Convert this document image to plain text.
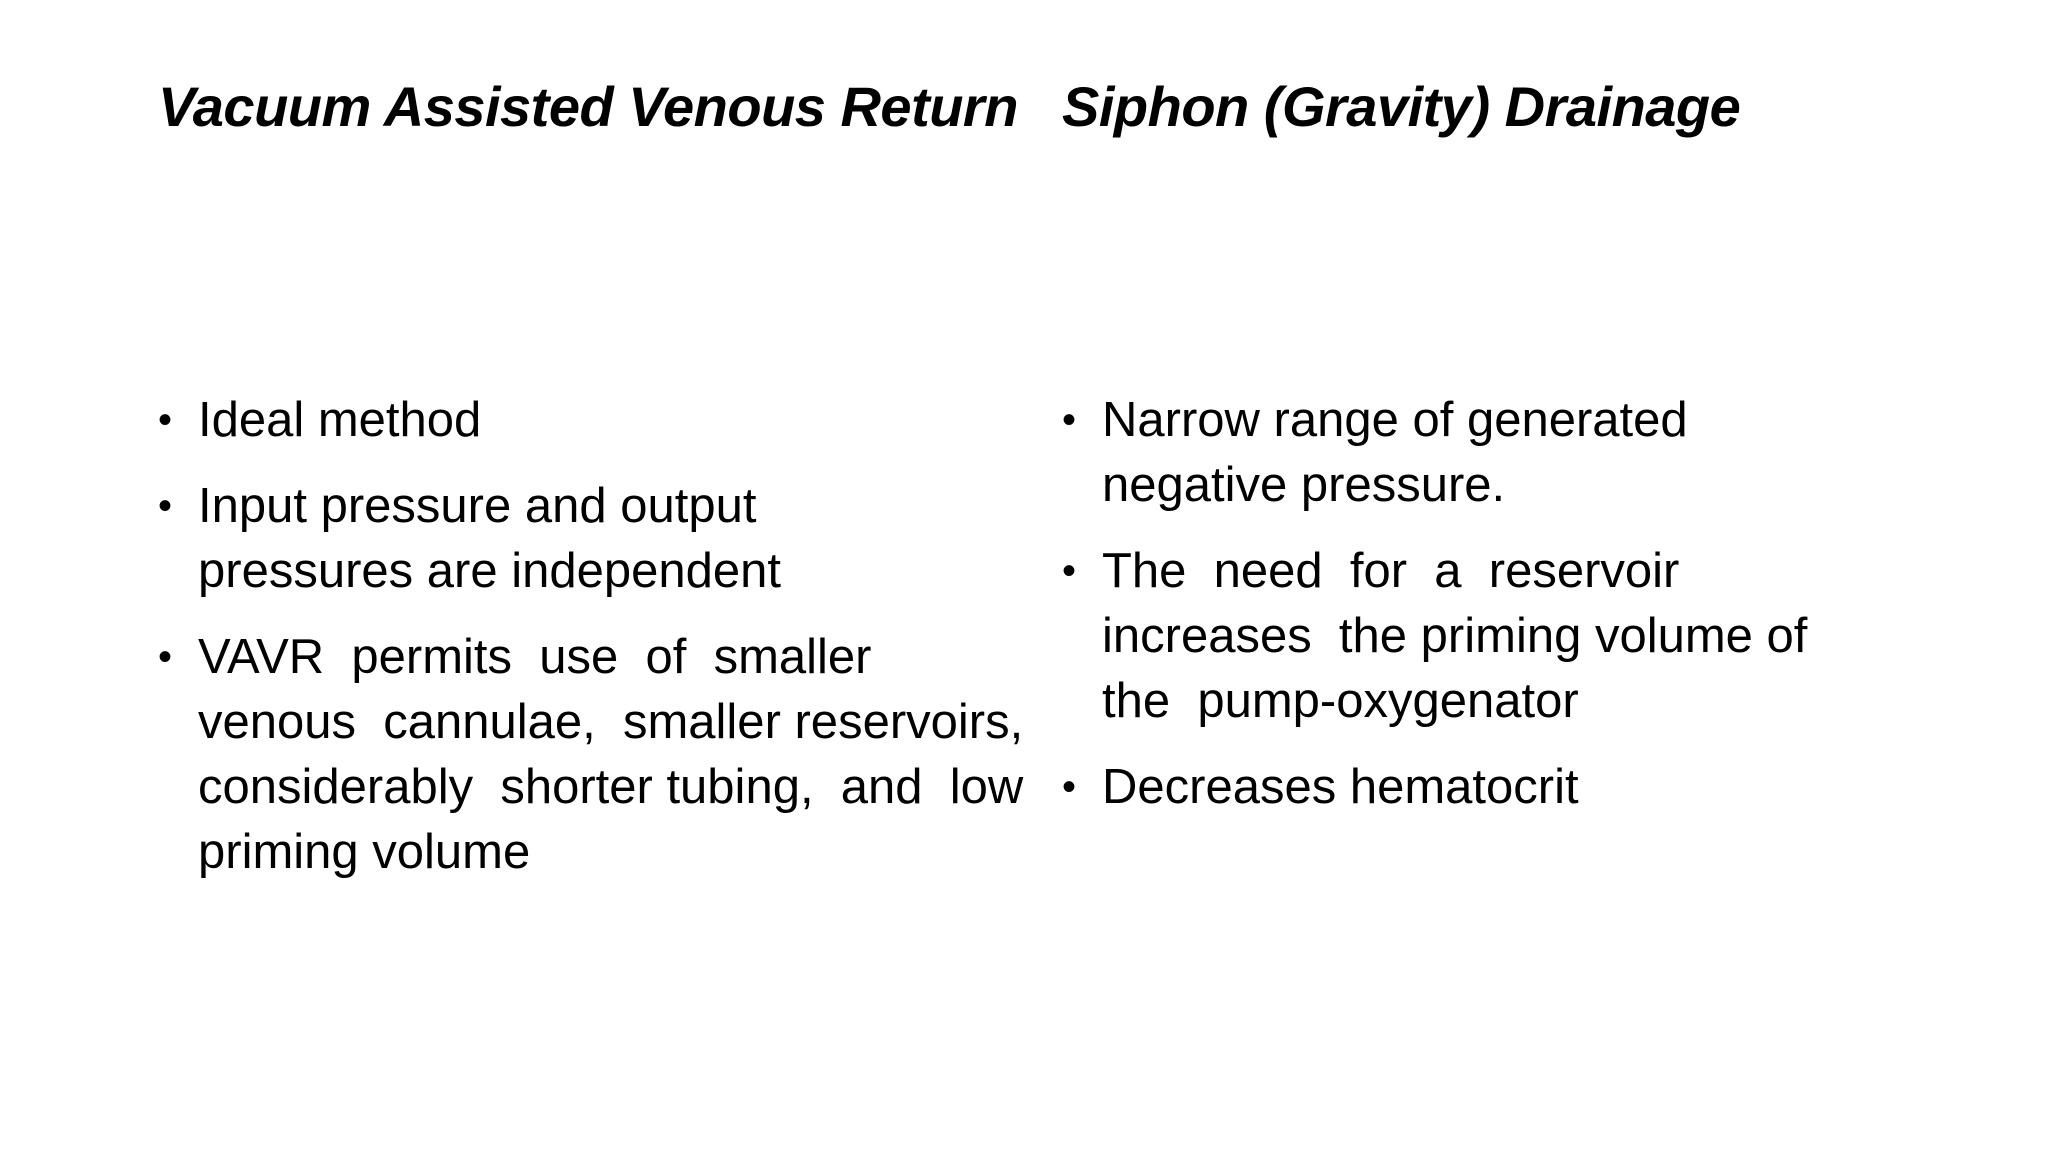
Vacuum Assisted Venous Return
• Ideal method
• Input pressure and output pressures are independent
• VAVR  permits  use  of  smaller venous  cannulae,  smaller reservoirs,  considerably  shorter tubing,  and  low priming volume
Siphon (Gravity) Drainage
• Narrow range of generated negative pressure.
• The  need  for  a  reservoir increases  the priming volume of  the  pump-oxygenator
• Decreases hematocrit
